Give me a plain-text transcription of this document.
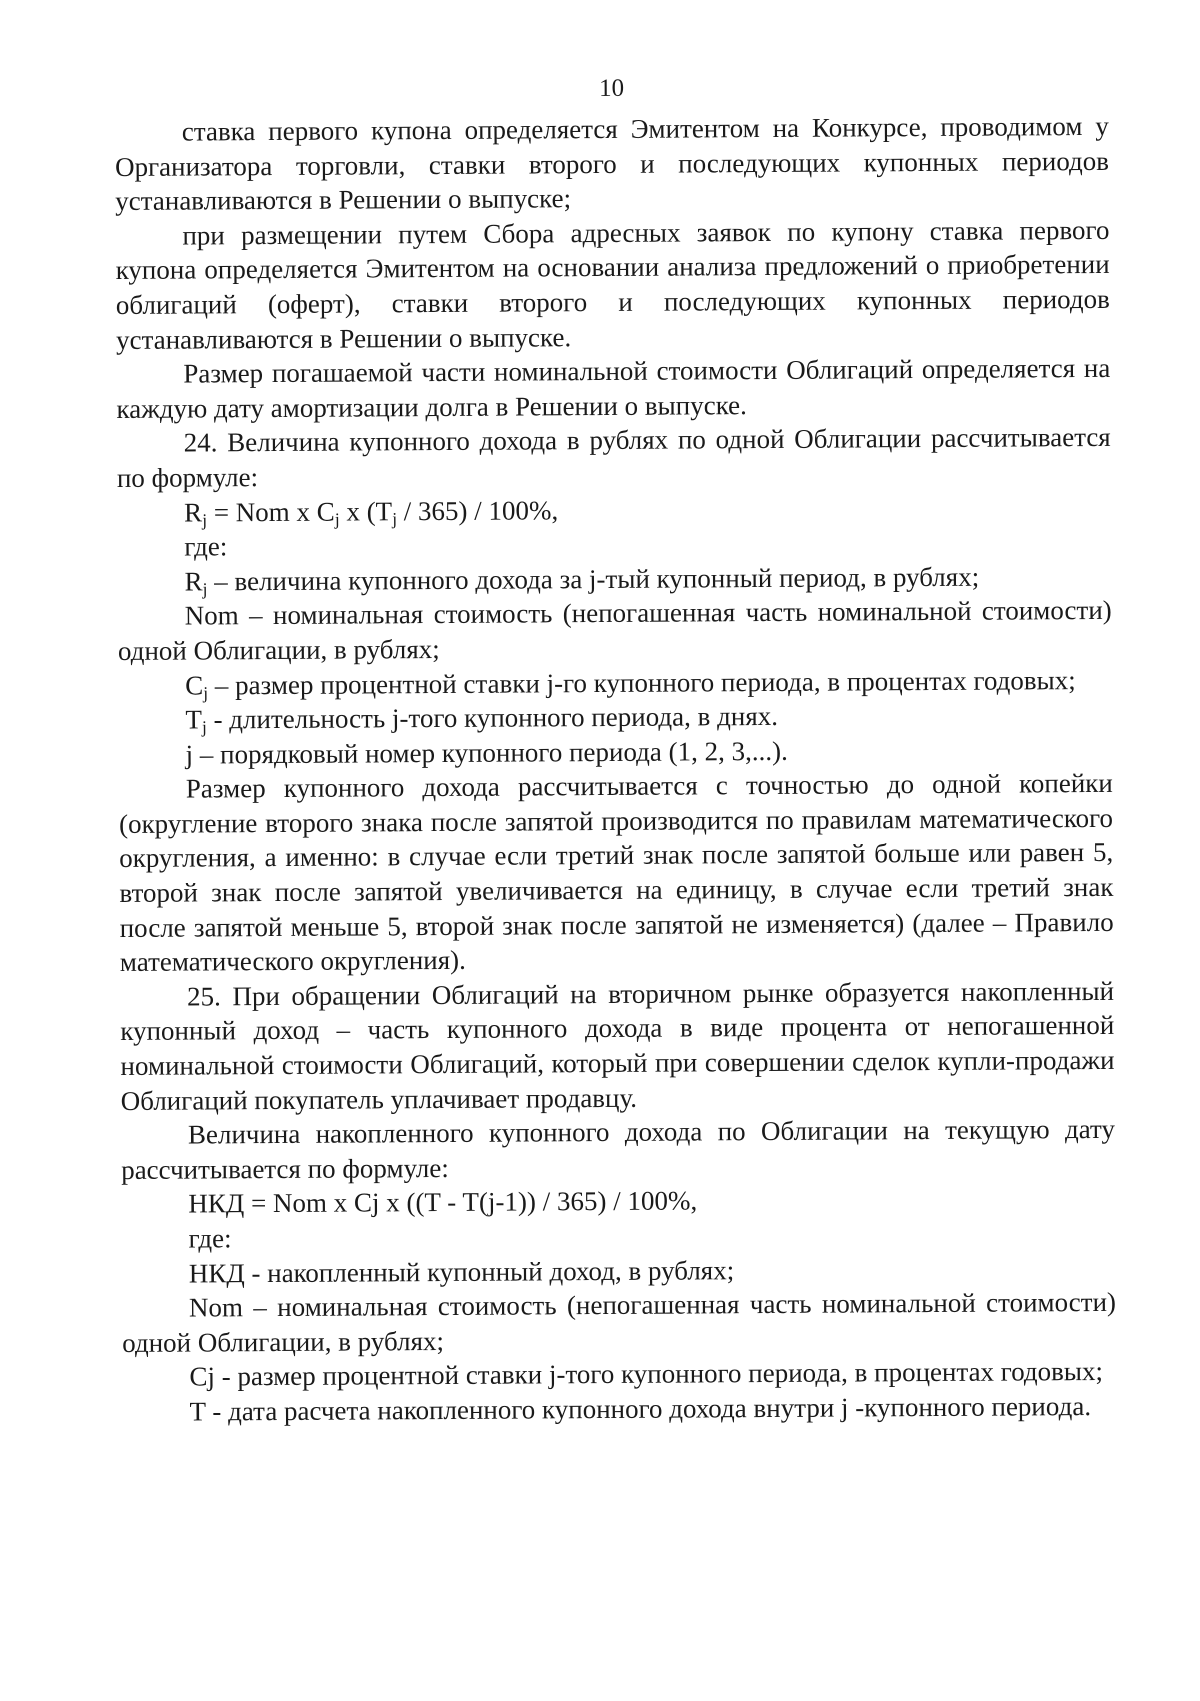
10

ставка первого купона определяется Эмитентом на Конкурсе, проводимом у Организатора торговли, ставки второго и последующих купонных периодов устанавливаются в Решении о выпуске;

при размещении путем Сбора адресных заявок по купону ставка первого купона определяется Эмитентом на основании анализа предложений о приобретении облигаций (оферт), ставки второго и последующих купонных периодов устанавливаются в Решении о выпуске.

Размер погашаемой части номинальной стоимости Облигаций определяется на каждую дату амортизации долга в Решении о выпуске.

24. Величина купонного дохода в рублях по одной Облигации рассчитывается по формуле:

$R_j$ = Nom x $C_j$ x $(T_j / 365) / 100\%$,

где:

$R_j$ – величина купонного дохода за j-тый купонный период, в рублях;

Nom – номинальная стоимость (непогашенная часть номинальной стоимости) одной Облигации, в рублях;

$C_j$ – размер процентной ставки j-го купонного периода, в процентах годовых;

$T_j$ - длительность j-того купонного периода, в днях.

j – порядковый номер купонного периода (1, 2, 3,...).

Размер купонного дохода рассчитывается с точностью до одной копейки (округление второго знака после запятой производится по правилам математического округления, а именно: в случае если третий знак после запятой больше или равен 5, второй знак после запятой увеличивается на единицу, в случае если третий знак после запятой меньше 5, второй знак после запятой не изменяется) (далее – Правило математического округления).

25. При обращении Облигаций на вторичном рынке образуется накопленный купонный доход – часть купонного дохода в виде процента от непогашенной номинальной стоимости Облигаций, который при совершении сделок купли-продажи Облигаций покупатель уплачивает продавцу.

Величина накопленного купонного дохода по Облигации на текущую дату рассчитывается по формуле:

НКД = Nom x Cj x ((T - T(j-1)) / 365) / 100%,

где:

НКД - накопленный купонный доход, в рублях;

Nom – номинальная стоимость (непогашенная часть номинальной стоимости) одной Облигации, в рублях;

Cj - размер процентной ставки j-того купонного периода, в процентах годовых;

T - дата расчета накопленного купонного дохода внутри j -купонного периода.
